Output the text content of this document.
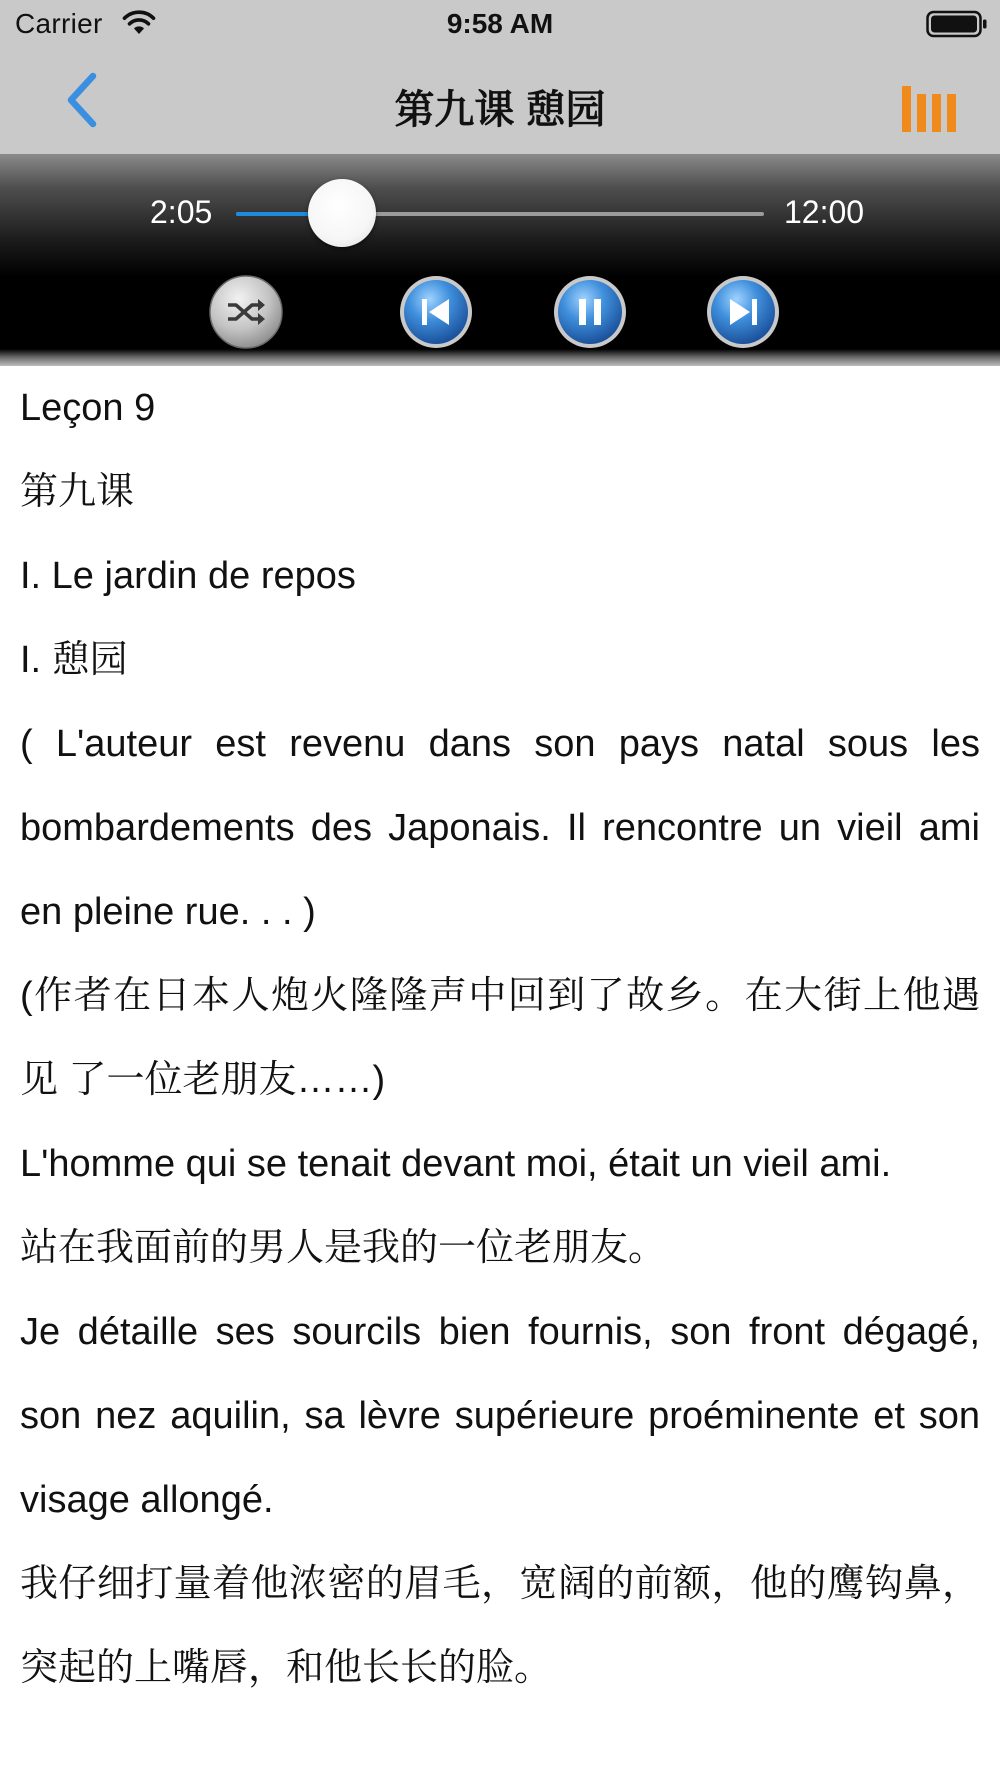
Carrier	9:58 AM
第九课 憩园
2:05	12:00

Leçon 9

第九课

I. Le jardin de repos

I. 憩园

( L'auteur est revenu dans son pays natal sous les bombardements des Japonais. Il rencontre un vieil ami en pleine rue. . . )

(作者在日本人炮火隆隆声中回到了故乡。在大街上他遇见 了一位老朋友……)

L'homme qui se tenait devant moi, était un vieil ami.

站在我面前的男人是我的一位老朋友。

Je détaille ses sourcils bien fournis, son front dégagé, son nez aquilin, sa lèvre supérieure proéminente et son visage allongé.

我仔细打量着他浓密的眉毛，宽阔的前额，他的鹰钩鼻，突起的上嘴唇，和他长长的脸。
